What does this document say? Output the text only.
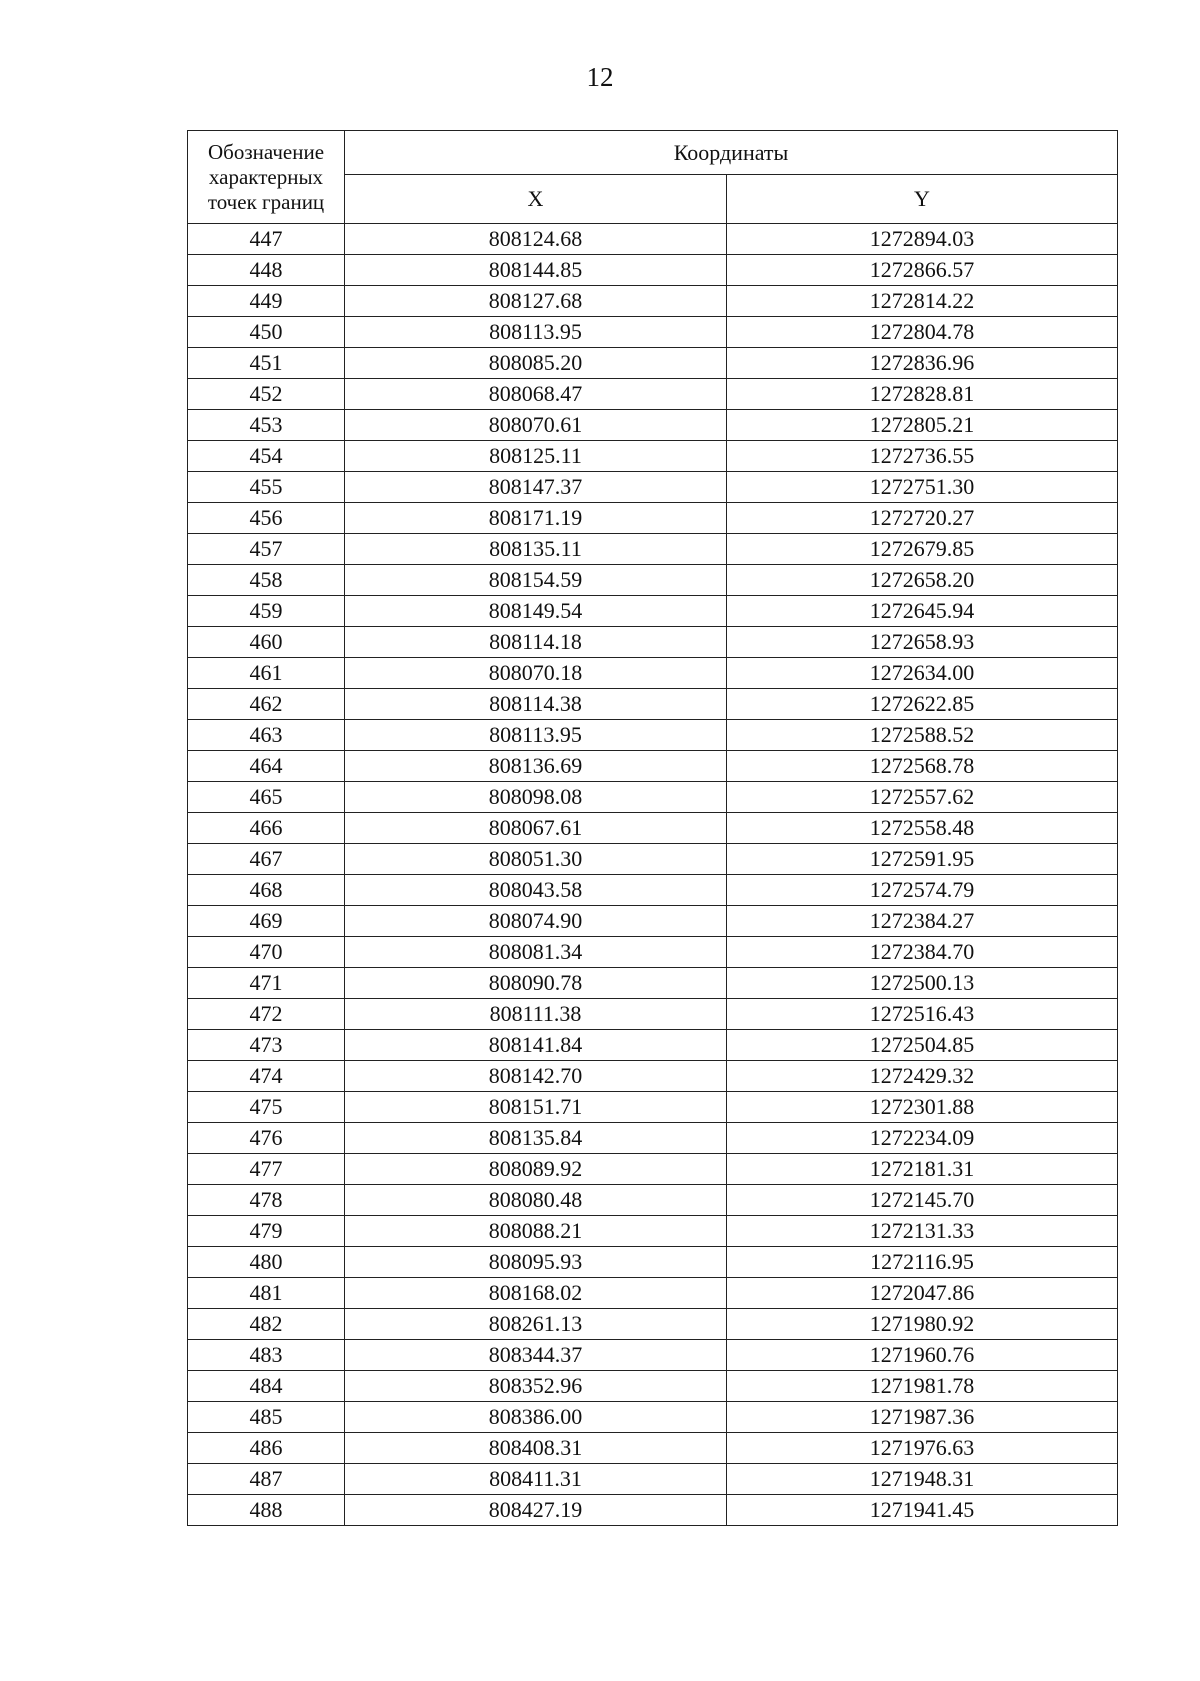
12
Обозначение характерных точек границ	Координаты	
	X	Y
447	808124.68	1272894.03
448	808144.85	1272866.57
449	808127.68	1272814.22
450	808113.95	1272804.78
451	808085.20	1272836.96
452	808068.47	1272828.81
453	808070.61	1272805.21
454	808125.11	1272736.55
455	808147.37	1272751.30
456	808171.19	1272720.27
457	808135.11	1272679.85
458	808154.59	1272658.20
459	808149.54	1272645.94
460	808114.18	1272658.93
461	808070.18	1272634.00
462	808114.38	1272622.85
463	808113.95	1272588.52
464	808136.69	1272568.78
465	808098.08	1272557.62
466	808067.61	1272558.48
467	808051.30	1272591.95
468	808043.58	1272574.79
469	808074.90	1272384.27
470	808081.34	1272384.70
471	808090.78	1272500.13
472	808111.38	1272516.43
473	808141.84	1272504.85
474	808142.70	1272429.32
475	808151.71	1272301.88
476	808135.84	1272234.09
477	808089.92	1272181.31
478	808080.48	1272145.70
479	808088.21	1272131.33
480	808095.93	1272116.95
481	808168.02	1272047.86
482	808261.13	1271980.92
483	808344.37	1271960.76
484	808352.96	1271981.78
485	808386.00	1271987.36
486	808408.31	1271976.63
487	808411.31	1271948.31
488	808427.19	1271941.45
